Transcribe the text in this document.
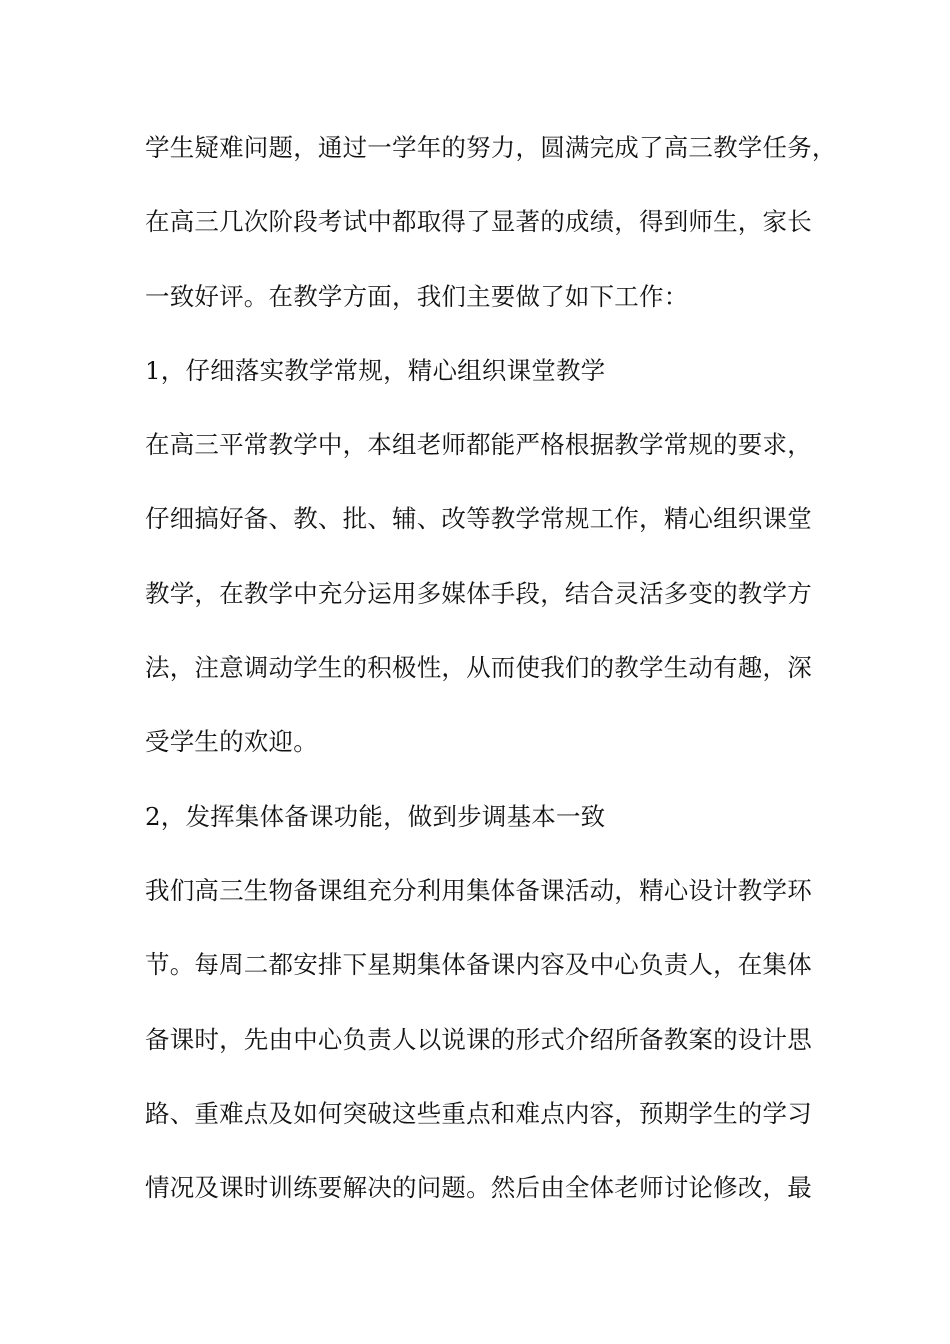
学生疑难问题，通过一学年的努力，圆满完成了高三教学任务，
在高三几次阶段考试中都取得了显著的成绩，得到师生，家长
一致好评。在教学方面，我们主要做了如下工作：
1，仔细落实教学常规，精心组织课堂教学
在高三平常教学中，本组老师都能严格根据教学常规的要求，
仔细搞好备、教、批、辅、改等教学常规工作，精心组织课堂
教学，在教学中充分运用多媒体手段，结合灵活多变的教学方
法，注意调动学生的积极性，从而使我们的教学生动有趣，深
受学生的欢迎。
2，发挥集体备课功能，做到步调基本一致
我们高三生物备课组充分利用集体备课活动，精心设计教学环
节。每周二都安排下星期集体备课内容及中心负责人，在集体
备课时，先由中心负责人以说课的形式介绍所备教案的设计思
路、重难点及如何突破这些重点和难点内容，预期学生的学习
情况及课时训练要解决的问题。然后由全体老师讨论修改，最
